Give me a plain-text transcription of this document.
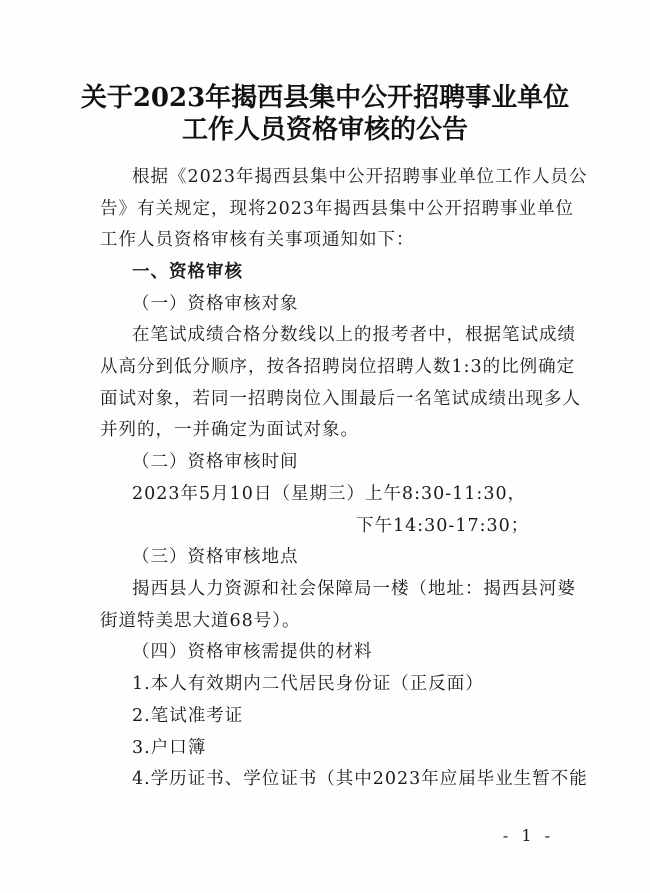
关于2023年揭西县集中公开招聘事业单位
工作人员资格审核的公告
根据《2023年揭西县集中公开招聘事业单位工作人员公
告》有关规定，现将2023年揭西县集中公开招聘事业单位
工作人员资格审核有关事项通知如下：
一、资格审核
（一）资格审核对象
在笔试成绩合格分数线以上的报考者中，根据笔试成绩
从高分到低分顺序，按各招聘岗位招聘人数1:3的比例确定
面试对象，若同一招聘岗位入围最后一名笔试成绩出现多人
并列的，一并确定为面试对象。
（二）资格审核时间
2023年5月10日（星期三）上午8:30-11:30，
下午14:30-17:30；
（三）资格审核地点
揭西县人力资源和社会保障局一楼（地址：揭西县河婆
街道特美思大道68号）。
（四）资格审核需提供的材料
1.本人有效期内二代居民身份证（正反面）
2.笔试准考证
3.户口簿
4.学历证书、学位证书（其中2023年应届毕业生暂不能
- 1 -
